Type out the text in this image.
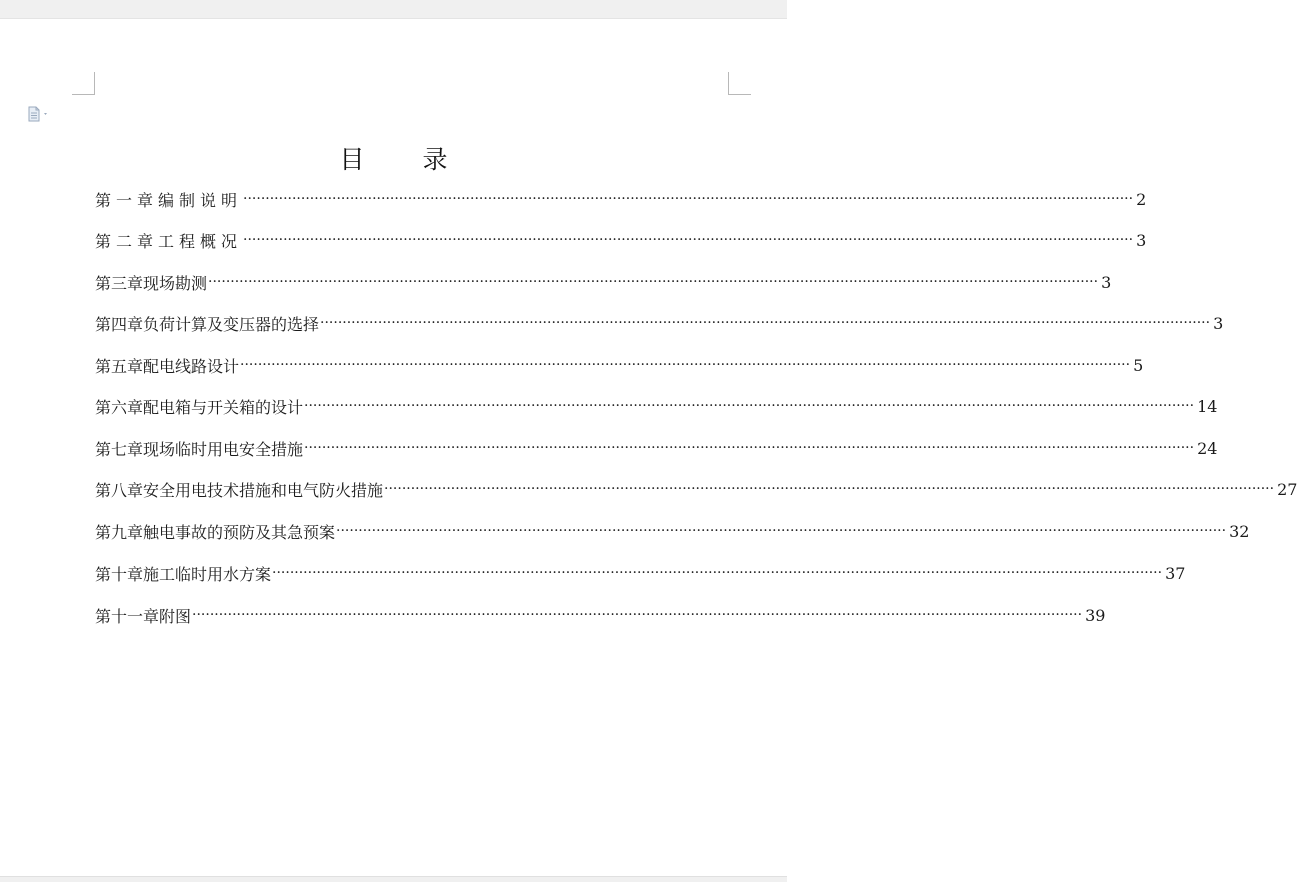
目 录
第一章 编制说明 ········································································································································································································ 2
第二章 工程概况 ········································································································································································································ 3
第三章 现场勘测 ········································································································································································································ 3
第四章 负荷计算及变压器的选择 ········································································································································································································ 3
第五章 配电线路设计 ········································································································································································································ 5
第六章 配电箱与开关箱的设计 ········································································································································································································ 14
第七章 现场临时用电安全措施 ········································································································································································································ 24
第八章 安全用电技术措施和电气防火措施 ········································································································································································································ 27
第九章 触电事故的预防及其急预案 ········································································································································································································ 32
第十章 施工临时用水方案 ········································································································································································································ 37
第十一章 附图 ········································································································································································································ 39
